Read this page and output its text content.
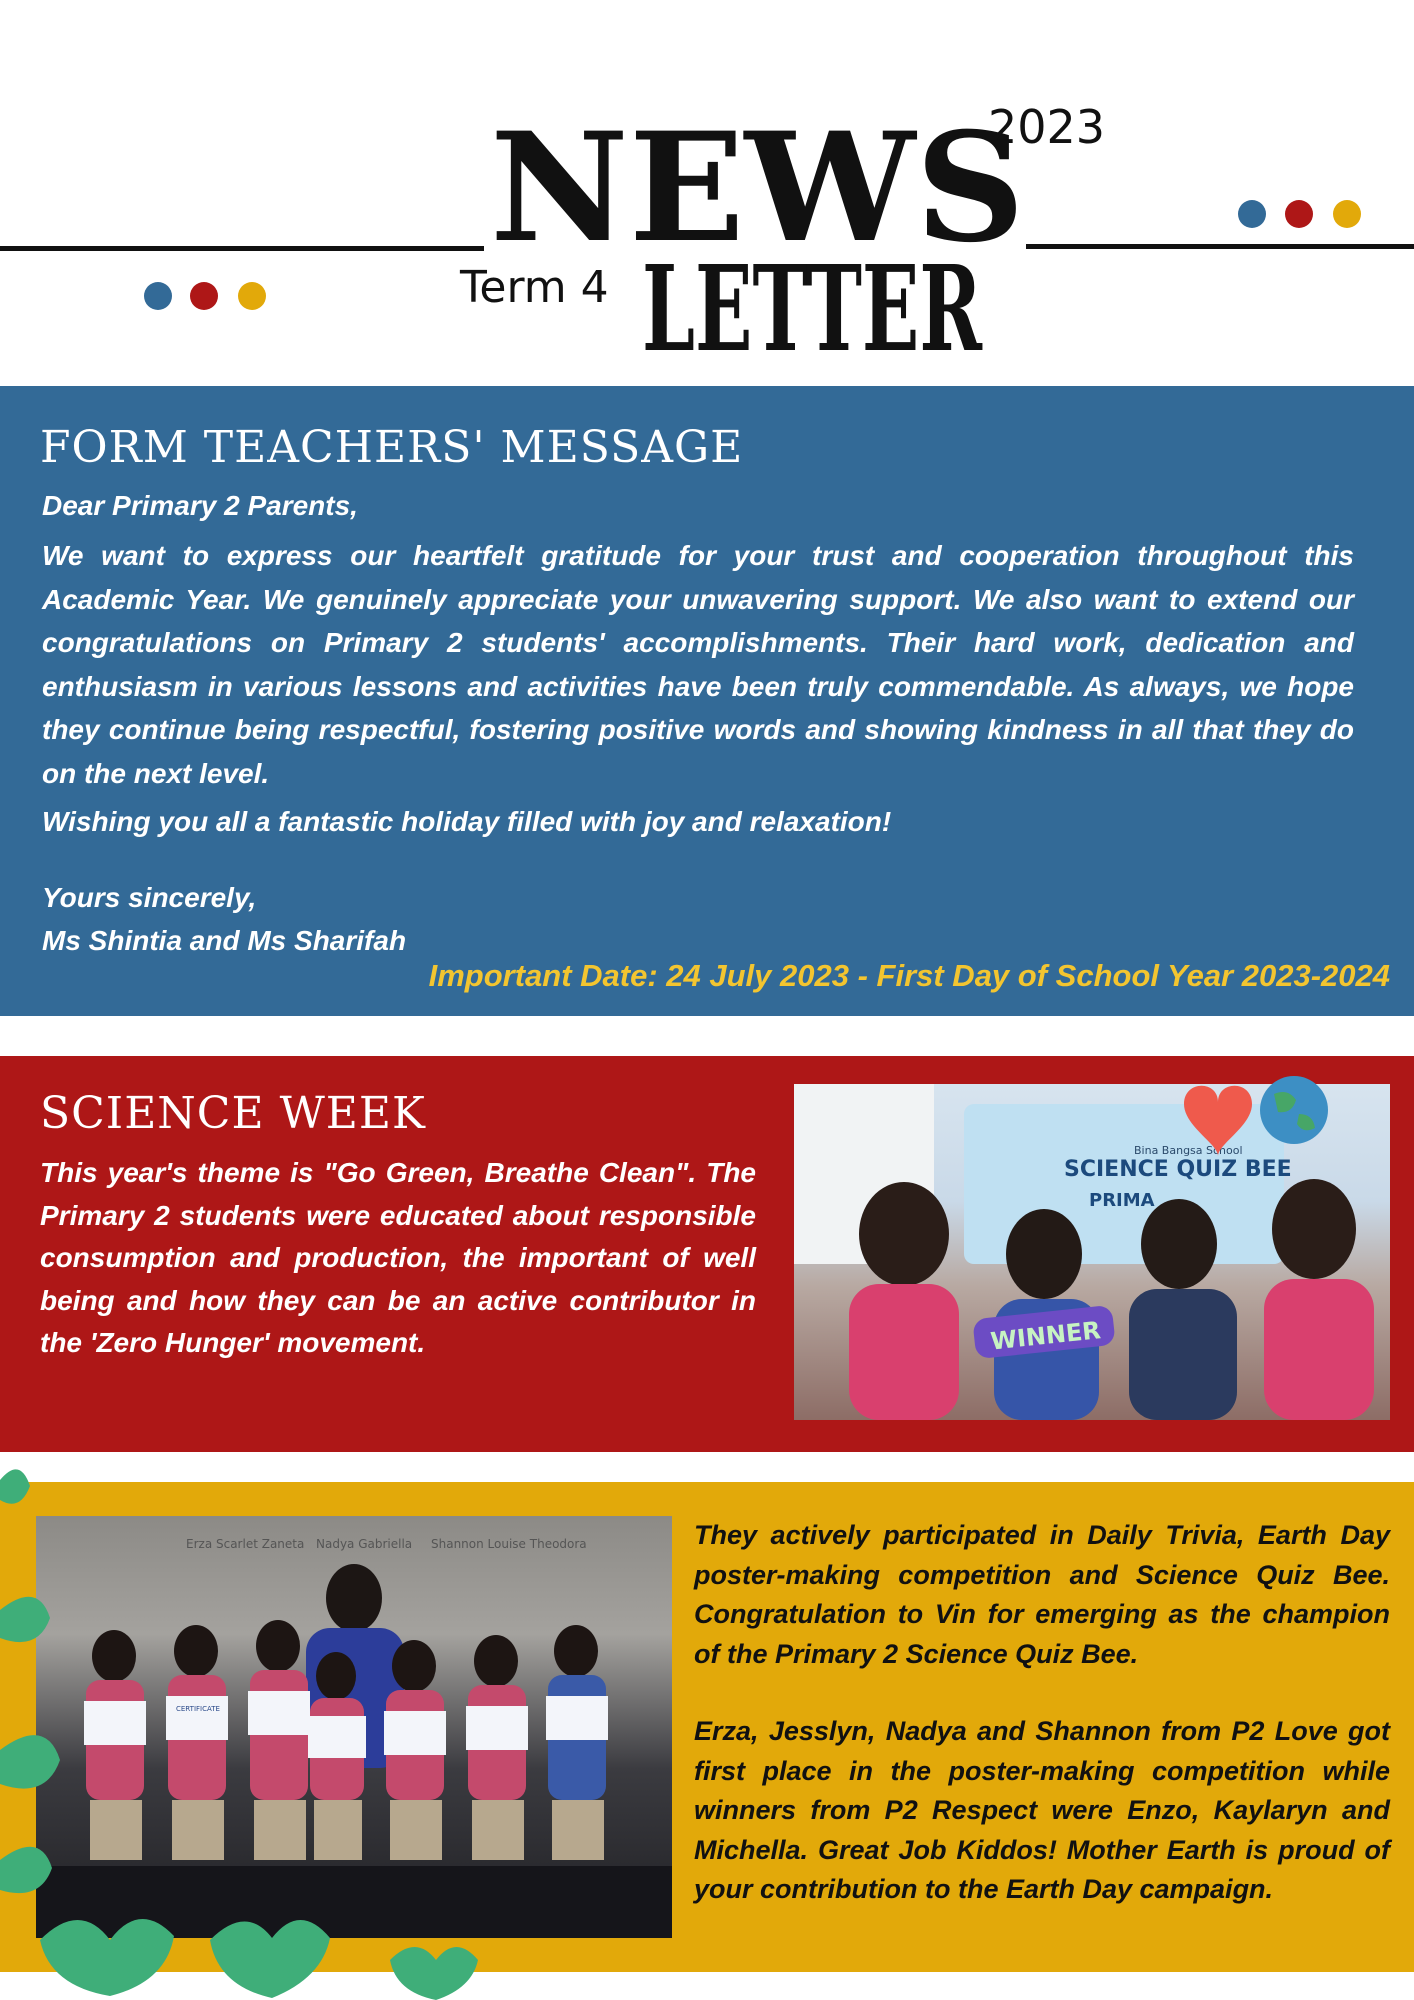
NEWS
LETTER
2023
Term 4
FORM TEACHERS' MESSAGE

Dear Primary 2 Parents,

We want to express our heartfelt gratitude for your trust and cooperation throughout this Academic Year. We genuinely appreciate your unwavering support. We also want to extend our congratulations on Primary 2 students' accomplishments. Their hard work, dedication and enthusiasm in various lessons and activities have been truly commendable. As always, we hope they continue being respectful, fostering positive words and showing kindness in all that they do on the next level.

Wishing you all a fantastic holiday filled with joy and relaxation!

Yours sincerely,

Ms Shintia and Ms Sharifah

Important Date: 24 July 2023 - First Day of School Year 2023-2024

SCIENCE WEEK

This year's theme is "Go Green, Breathe Clean". The Primary 2 students were educated about responsible consumption and production, the important of well being and how they can be an active contributor in the 'Zero Hunger' movement.

Bina Bangsa School
SCIENCE QUIZ BEE
PRIMA
WINNER
Erza Scarlet Zaneta Nadya Gabriella Shannon Louise Theodora
CERTIFICATE

They actively participated in Daily Trivia, Earth Day poster-making competition and Science Quiz Bee. Congratulation to Vin for emerging as the champion of the Primary 2 Science Quiz Bee.

Erza, Jesslyn, Nadya and Shannon from P2 Love got first place in the poster-making competition while winners from P2 Respect were Enzo, Kaylaryn and Michella. Great Job Kiddos! Mother Earth is proud of your contribution to the Earth Day campaign.
